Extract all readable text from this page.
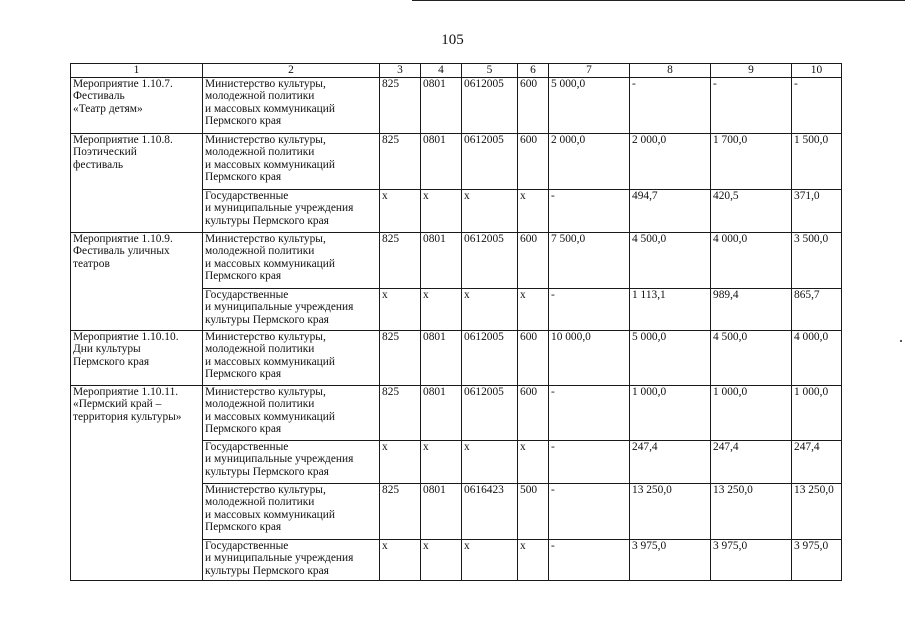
105
1	2	3	4	5	6	7	8	9	10
Мероприятие 1.10.7.
Фестиваль
«Театр детям»	Министерство культуры,
молодежной политики
и массовых коммуникаций
Пермского края	825	0801	0612005	600	5 000,0	-	-	-
Мероприятие 1.10.8.
Поэтический
фестиваль	Министерство культуры,
молодежной политики
и массовых коммуникаций
Пермского края	825	0801	0612005	600	2 000,0	2 000,0	1 700,0	1 500,0
	Государственные
и муниципальные учреждения
культуры Пермского края	x	x	x	x	-	494,7	420,5	371,0
Мероприятие 1.10.9.
Фестиваль уличных
театров	Министерство культуры,
молодежной политики
и массовых коммуникаций
Пермского края	825	0801	0612005	600	7 500,0	4 500,0	4 000,0	3 500,0
	Государственные
и муниципальные учреждения
культуры Пермского края	x	x	x	x	-	1 113,1	989,4	865,7
Мероприятие 1.10.10.
Дни культуры
Пермского края	Министерство культуры,
молодежной политики
и массовых коммуникаций
Пермского края	825	0801	0612005	600	10 000,0	5 000,0	4 500,0	4 000,0
Мероприятие 1.10.11.
«Пермский край –
территория культуры»	Министерство культуры,
молодежной политики
и массовых коммуникаций
Пермского края	825	0801	0612005	600	-	1 000,0	1 000,0	1 000,0
	Государственные
и муниципальные учреждения
культуры Пермского края	x	x	x	x	-	247,4	247,4	247,4
	Министерство культуры,
молодежной политики
и массовых коммуникаций
Пермского края	825	0801	0616423	500	-	13 250,0	13 250,0	13 250,0
	Государственные
и муниципальные учреждения
культуры Пермского края	x	x	x	x	-	3 975,0	3 975,0	3 975,0
